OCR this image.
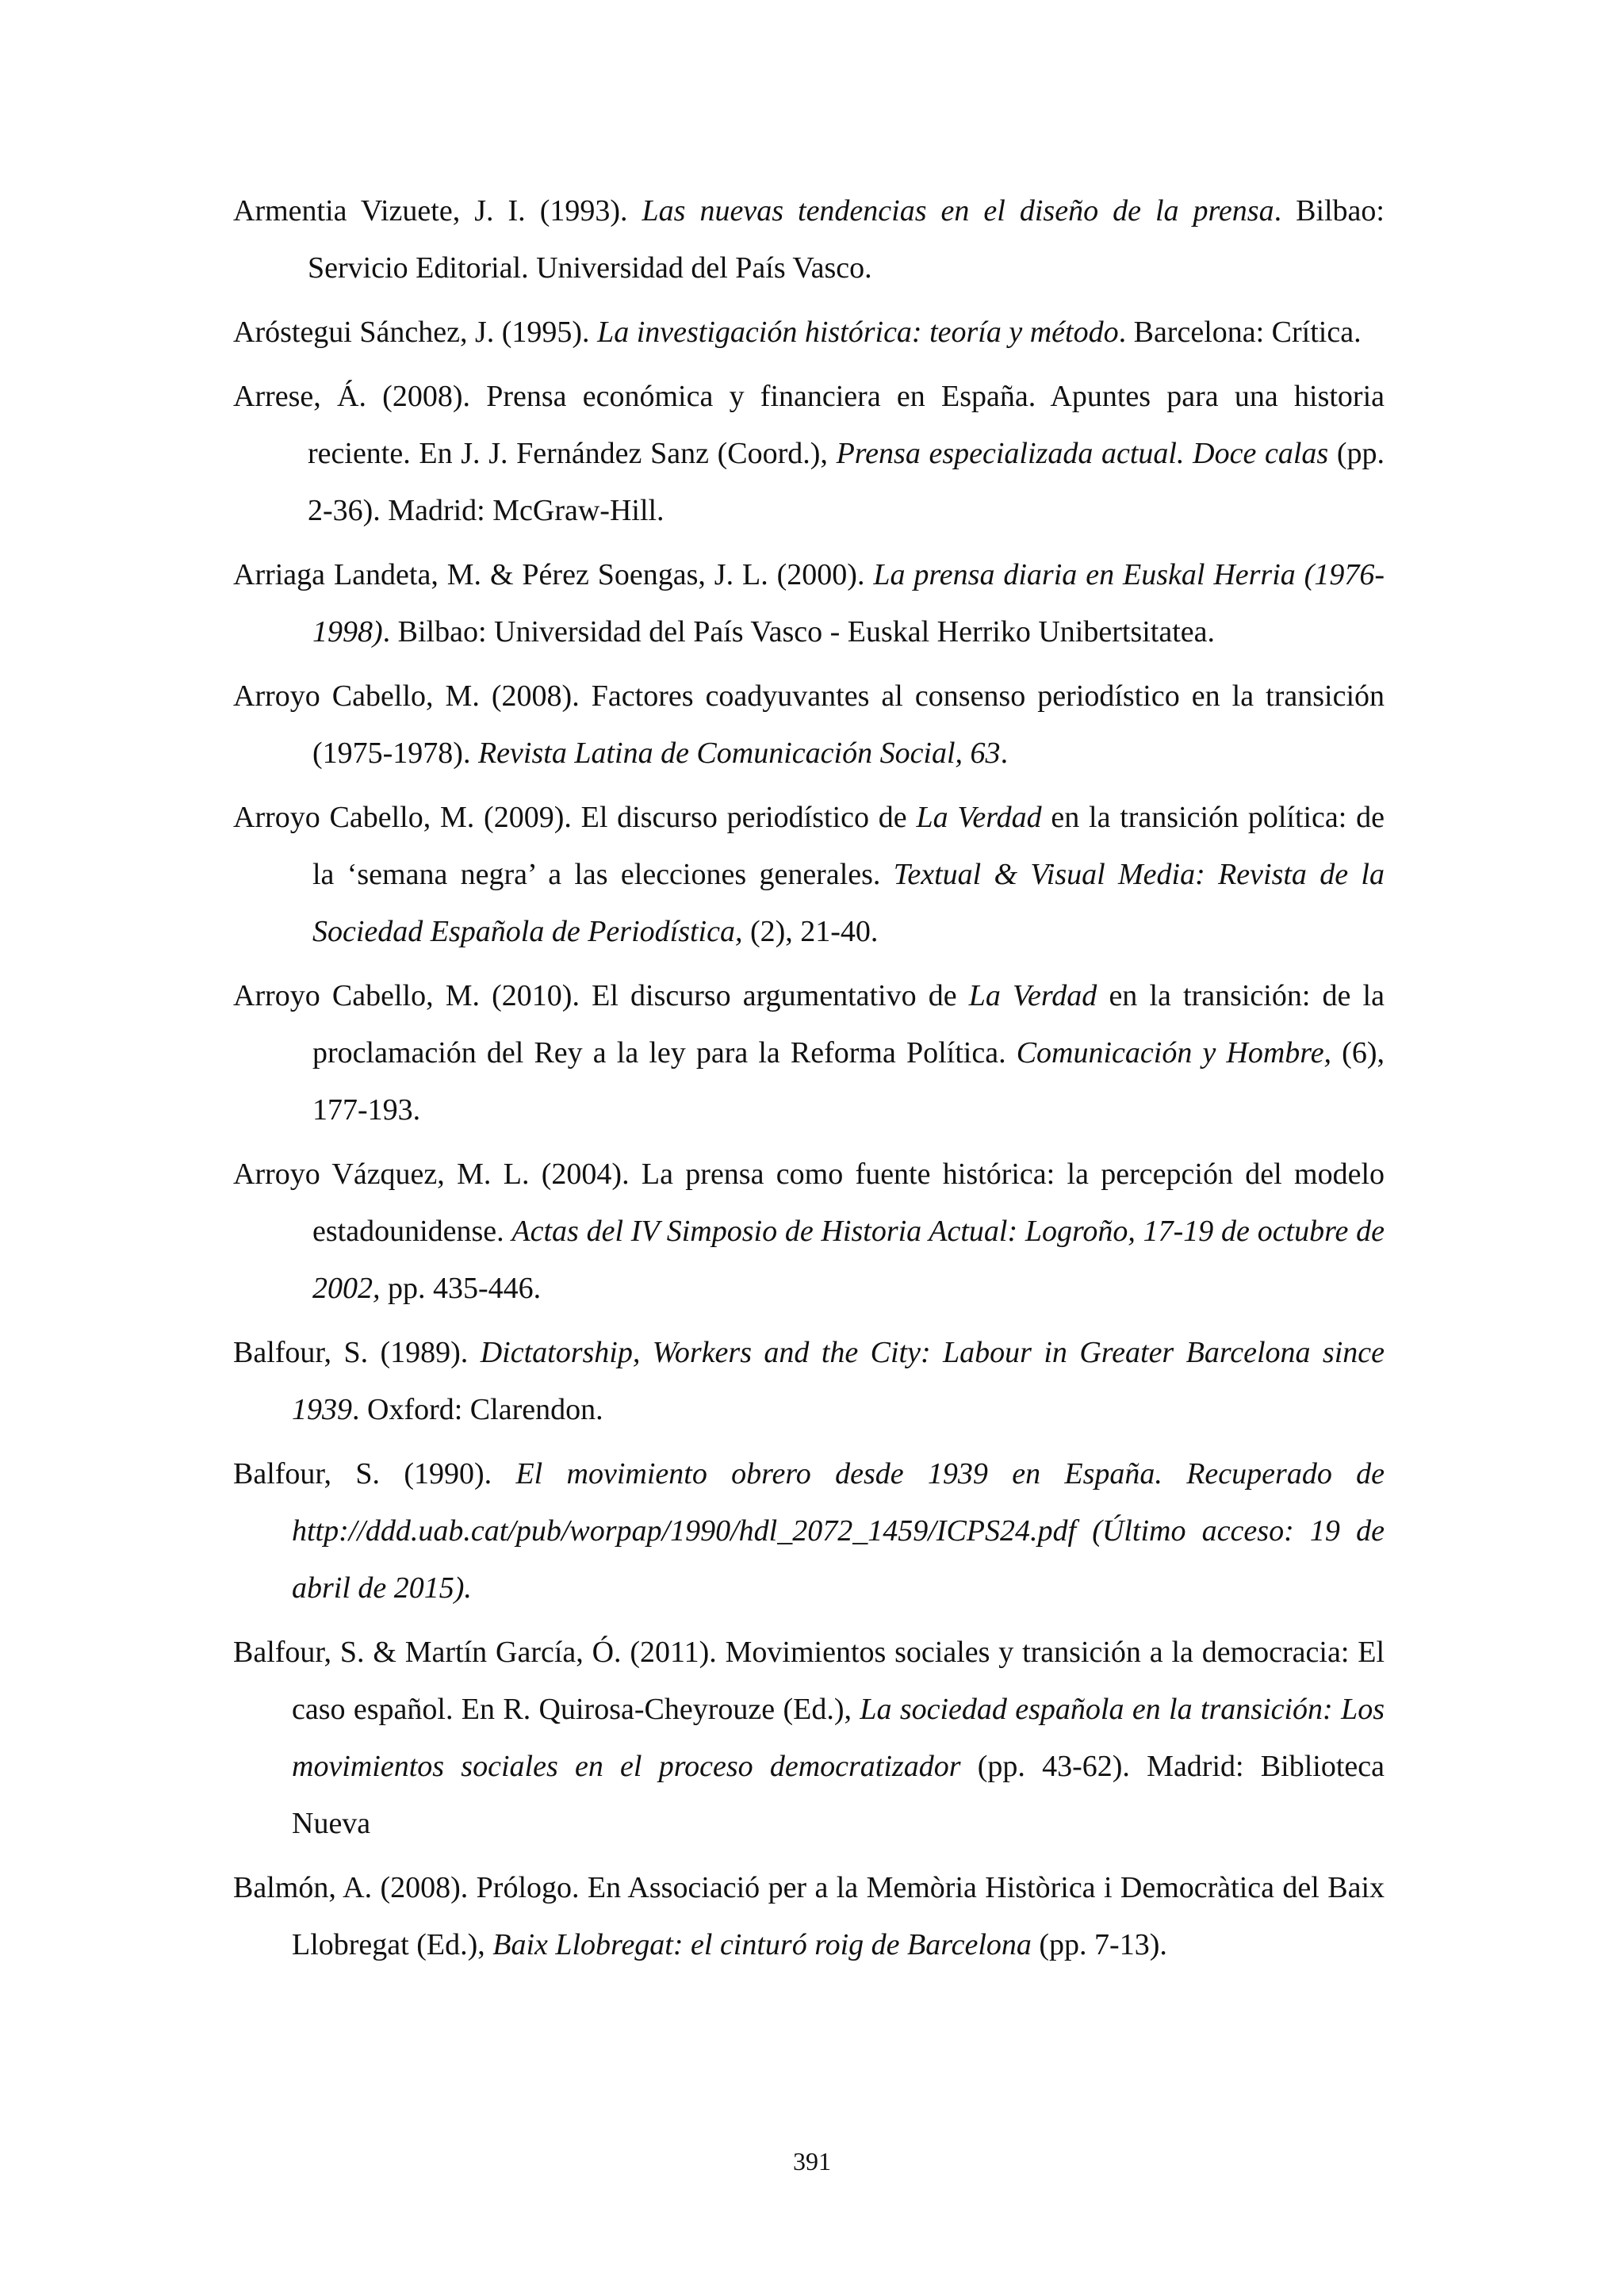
Armentia Vizuete, J. I. (1993). Las nuevas tendencias en el diseño de la prensa. Bilbao: Servicio Editorial. Universidad del País Vasco.

Aróstegui Sánchez, J. (1995). La investigación histórica: teoría y método. Barcelona: Crítica.

Arrese, Á. (2008). Prensa económica y financiera en España. Apuntes para una historia reciente. En J. J. Fernández Sanz (Coord.), Prensa especializada actual. Doce calas (pp. 2-36). Madrid: McGraw-Hill.

Arriaga Landeta, M. & Pérez Soengas, J. L. (2000). La prensa diaria en Euskal Herria (1976-1998). Bilbao: Universidad del País Vasco - Euskal Herriko Unibertsitatea.

Arroyo Cabello, M. (2008). Factores coadyuvantes al consenso periodístico en la transición (1975-1978). Revista Latina de Comunicación Social, 63.

Arroyo Cabello, M. (2009). El discurso periodístico de La Verdad en la transición política: de la ‘semana negra’ a las elecciones generales. Textual & Visual Media: Revista de la Sociedad Española de Periodística, (2), 21-40.

Arroyo Cabello, M. (2010). El discurso argumentativo de La Verdad en la transición: de la proclamación del Rey a la ley para la Reforma Política. Comunicación y Hombre, (6), 177-193.

Arroyo Vázquez, M. L. (2004). La prensa como fuente histórica: la percepción del modelo estadounidense. Actas del IV Simposio de Historia Actual: Logroño, 17-19 de octubre de 2002, pp. 435-446.

Balfour, S. (1989). Dictatorship, Workers and the City: Labour in Greater Barcelona since 1939. Oxford: Clarendon.

Balfour, S. (1990). El movimiento obrero desde 1939 en España. Recuperado de http://ddd.uab.cat/pub/worpap/1990/hdl_2072_1459/ICPS24.pdf (Último acceso: 19 de abril de 2015).

Balfour, S. & Martín García, Ó. (2011). Movimientos sociales y transición a la democracia: El caso español. En R. Quirosa-Cheyrouze (Ed.), La sociedad española en la transición: Los movimientos sociales en el proceso democratizador (pp. 43-62). Madrid: Biblioteca Nueva

Balmón, A. (2008). Prólogo. En Associació per a la Memòria Històrica i Democràtica del Baix Llobregat (Ed.), Baix Llobregat: el cinturó roig de Barcelona (pp. 7-13).

391
